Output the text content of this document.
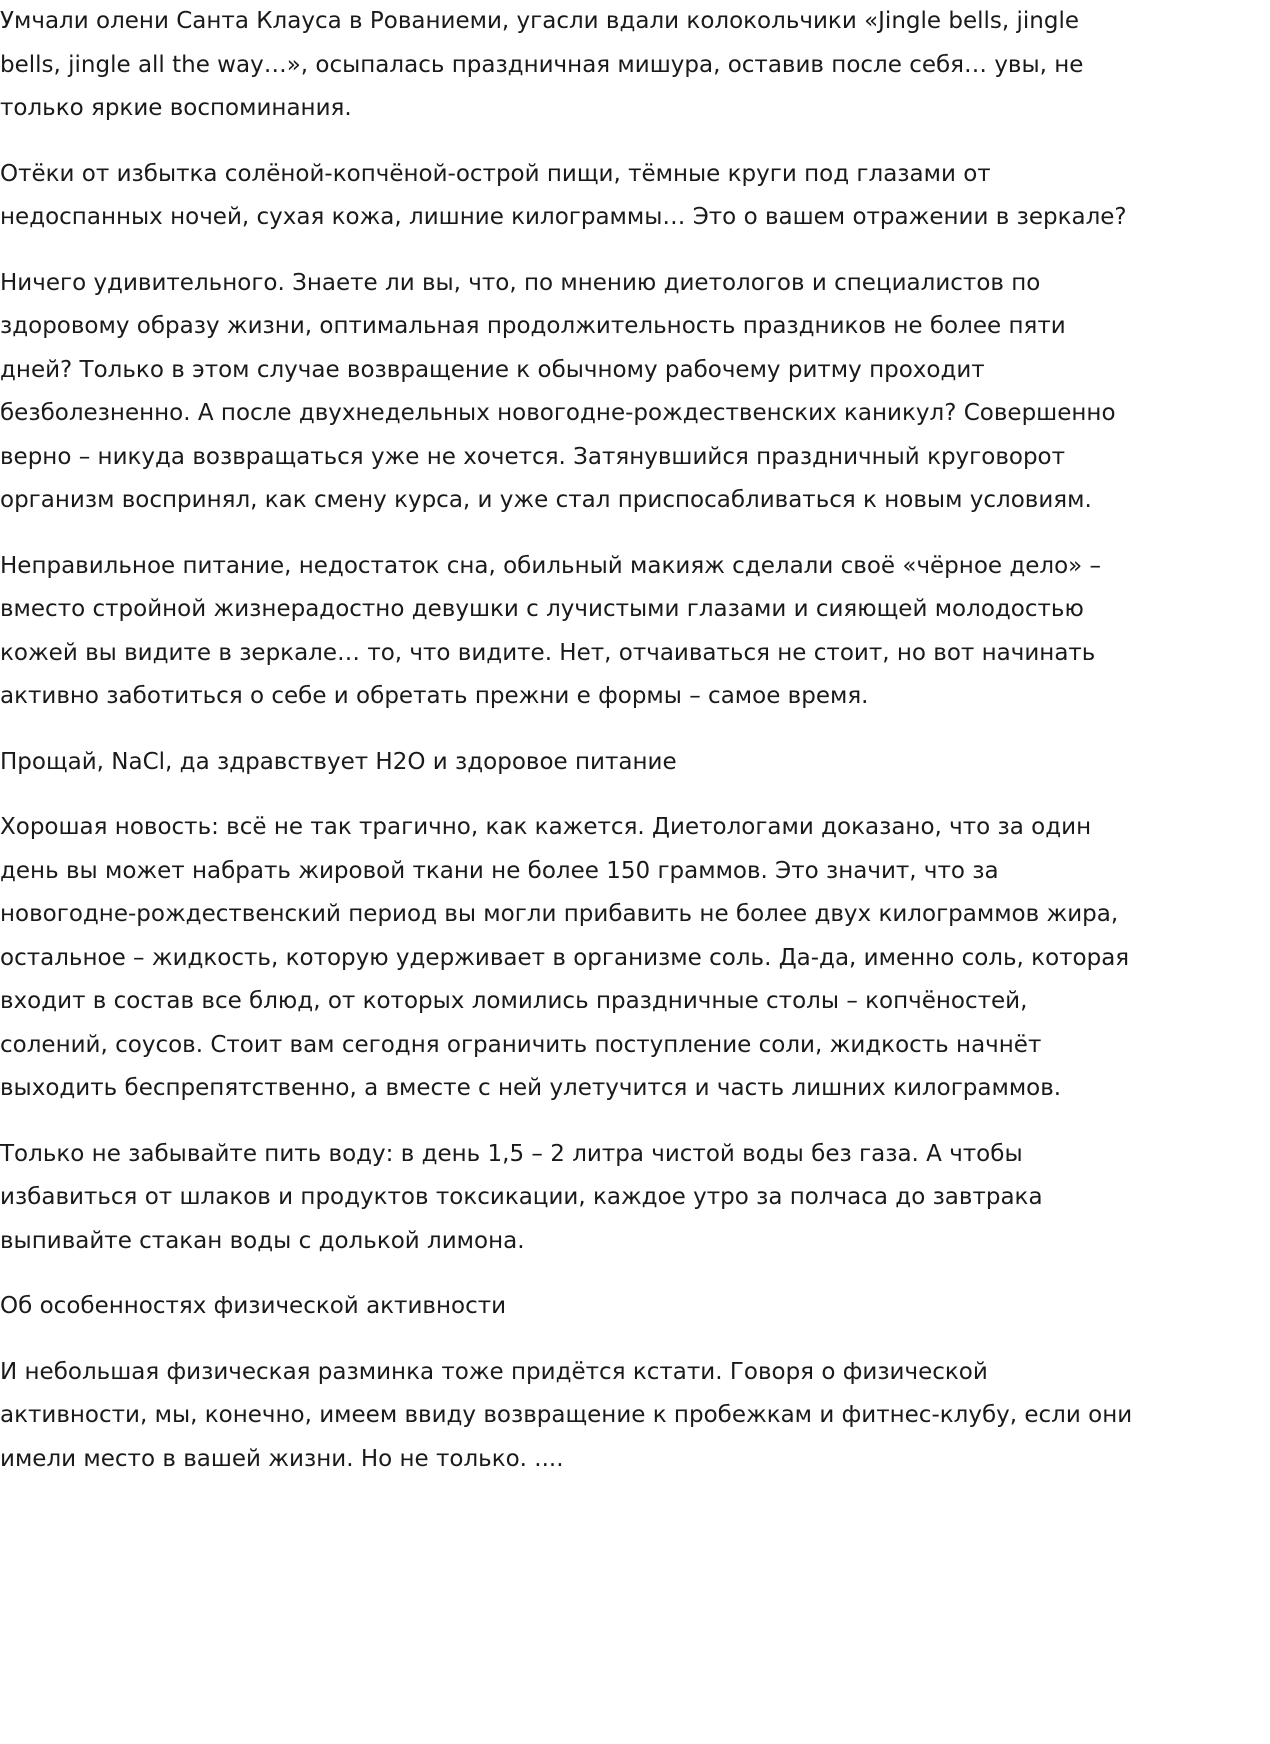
Умчали олени Санта Клауса в Рованиеми, угасли вдали колокольчики «Jingle bells, jingle bells, jingle all the way…», осыпалась праздничная мишура, оставив после себя… увы, не только яркие воспоминания.

Отёки от избытка солёной-копчёной-острой пищи, тёмные круги под глазами от недоспанных ночей, сухая кожа, лишние килограммы… Это о вашем отражении в зеркале?

Ничего удивительного. Знаете ли вы, что, по мнению диетологов и специалистов по здоровому образу жизни, оптимальная продолжительность праздников не более пяти дней? Только в этом случае возвращение к обычному рабочему ритму проходит безболезненно. А после двухнедельных новогодне-рождественских каникул? Совершенно верно – никуда возвращаться уже не хочется. Затянувшийся праздничный круговорот организм воспринял, как смену курса, и уже стал приспосабливаться к новым условиям.

Неправильное питание, недостаток сна, обильный макияж сделали своё «чёрное дело» – вместо стройной жизнерадостно девушки с лучистыми глазами и сияющей молодостью кожей вы видите в зеркале… то, что видите. Нет, отчаиваться не стоит, но вот начинать активно заботиться о себе и обретать прежни е формы – самое время.

Прощай, NaCl, да здравствует H2O и здоровое питание

Хорошая новость: всё не так трагично, как кажется. Диетологами доказано, что за один день вы может набрать жировой ткани не более 150 граммов. Это значит, что за новогодне-рождественский период вы могли прибавить не более двух килограммов жира, остальное – жидкость, которую удерживает в организме соль. Да-да, именно соль, которая входит в состав все блюд, от которых ломились праздничные столы – копчёностей, солений, соусов. Стоит вам сегодня ограничить поступление соли, жидкость начнёт выходить беспрепятственно, а вместе с ней улетучится и часть лишних килограммов.

Только не забывайте пить воду: в день 1,5 – 2 литра чистой воды без газа. А чтобы избавиться от шлаков и продуктов токсикации, каждое утро за полчаса до завтрака выпивайте стакан воды с долькой лимона.

Об особенностях физической активности

И небольшая физическая разминка тоже придётся кстати. Говоря о физической активности, мы, конечно, имеем ввиду возвращение к пробежкам и фитнес-клубу, если они имели место в вашей жизни. Но не только. ....
